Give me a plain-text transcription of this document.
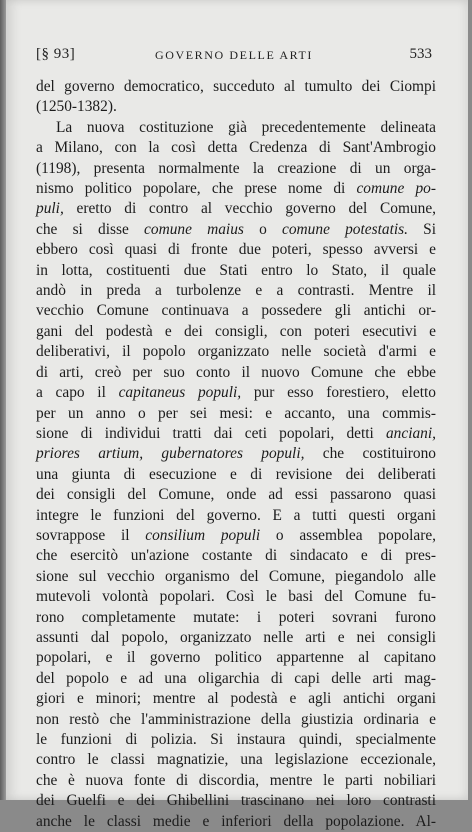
[§ 93]	GOVERNO DELLE ARTI	533
del governo democratico, succeduto al tumulto dei Ciompi
(1250-1382).
La nuova costituzione già precedentemente delineata
a Milano, con la così detta Credenza di Sant'Ambrogio
(1198), presenta normalmente la creazione di un orga-
nismo politico popolare, che prese nome di comune po-
puli, eretto di contro al vecchio governo del Comune,
che si disse comune maius o comune potestatis. Si
ebbero così quasi di fronte due poteri, spesso avversi e
in lotta, costituenti due Stati entro lo Stato, il quale
andò in preda a turbolenze e a contrasti. Mentre il
vecchio Comune continuava a possedere gli antichi or-
gani del podestà e dei consigli, con poteri esecutivi e
deliberativi, il popolo organizzato nelle società d'armi e
di arti, creò per suo conto il nuovo Comune che ebbe
a capo il capitaneus populi, pur esso forestiero, eletto
per un anno o per sei mesi: e accanto, una commis-
sione di individui tratti dai ceti popolari, detti anciani,
priores artium, gubernatores populi, che costituirono
una giunta di esecuzione e di revisione dei deliberati
dei consigli del Comune, onde ad essi passarono quasi
integre le funzioni del governo. E a tutti questi organi
sovrappose il consilium populi o assemblea popolare,
che esercitò un'azione costante di sindacato e di pres-
sione sul vecchio organismo del Comune, piegandolo alle
mutevoli volontà popolari. Così le basi del Comune fu-
rono completamente mutate: i poteri sovrani furono
assunti dal popolo, organizzato nelle arti e nei consigli
popolari, e il governo politico appartenne al capitano
del popolo e ad una oligarchia di capi delle arti mag-
giori e minori; mentre al podestà e agli antichi organi
non restò che l'amministrazione della giustizia ordinaria e
le funzioni di polizia. Si instaura quindi, specialmente
contro le classi magnatizie, una legislazione eccezionale,
che è nuova fonte di discordia, mentre le parti nobiliari
dei Guelfi e dei Ghibellini trascinano nei loro contrasti
anche le classi medie e inferiori della popolazione. Al-
